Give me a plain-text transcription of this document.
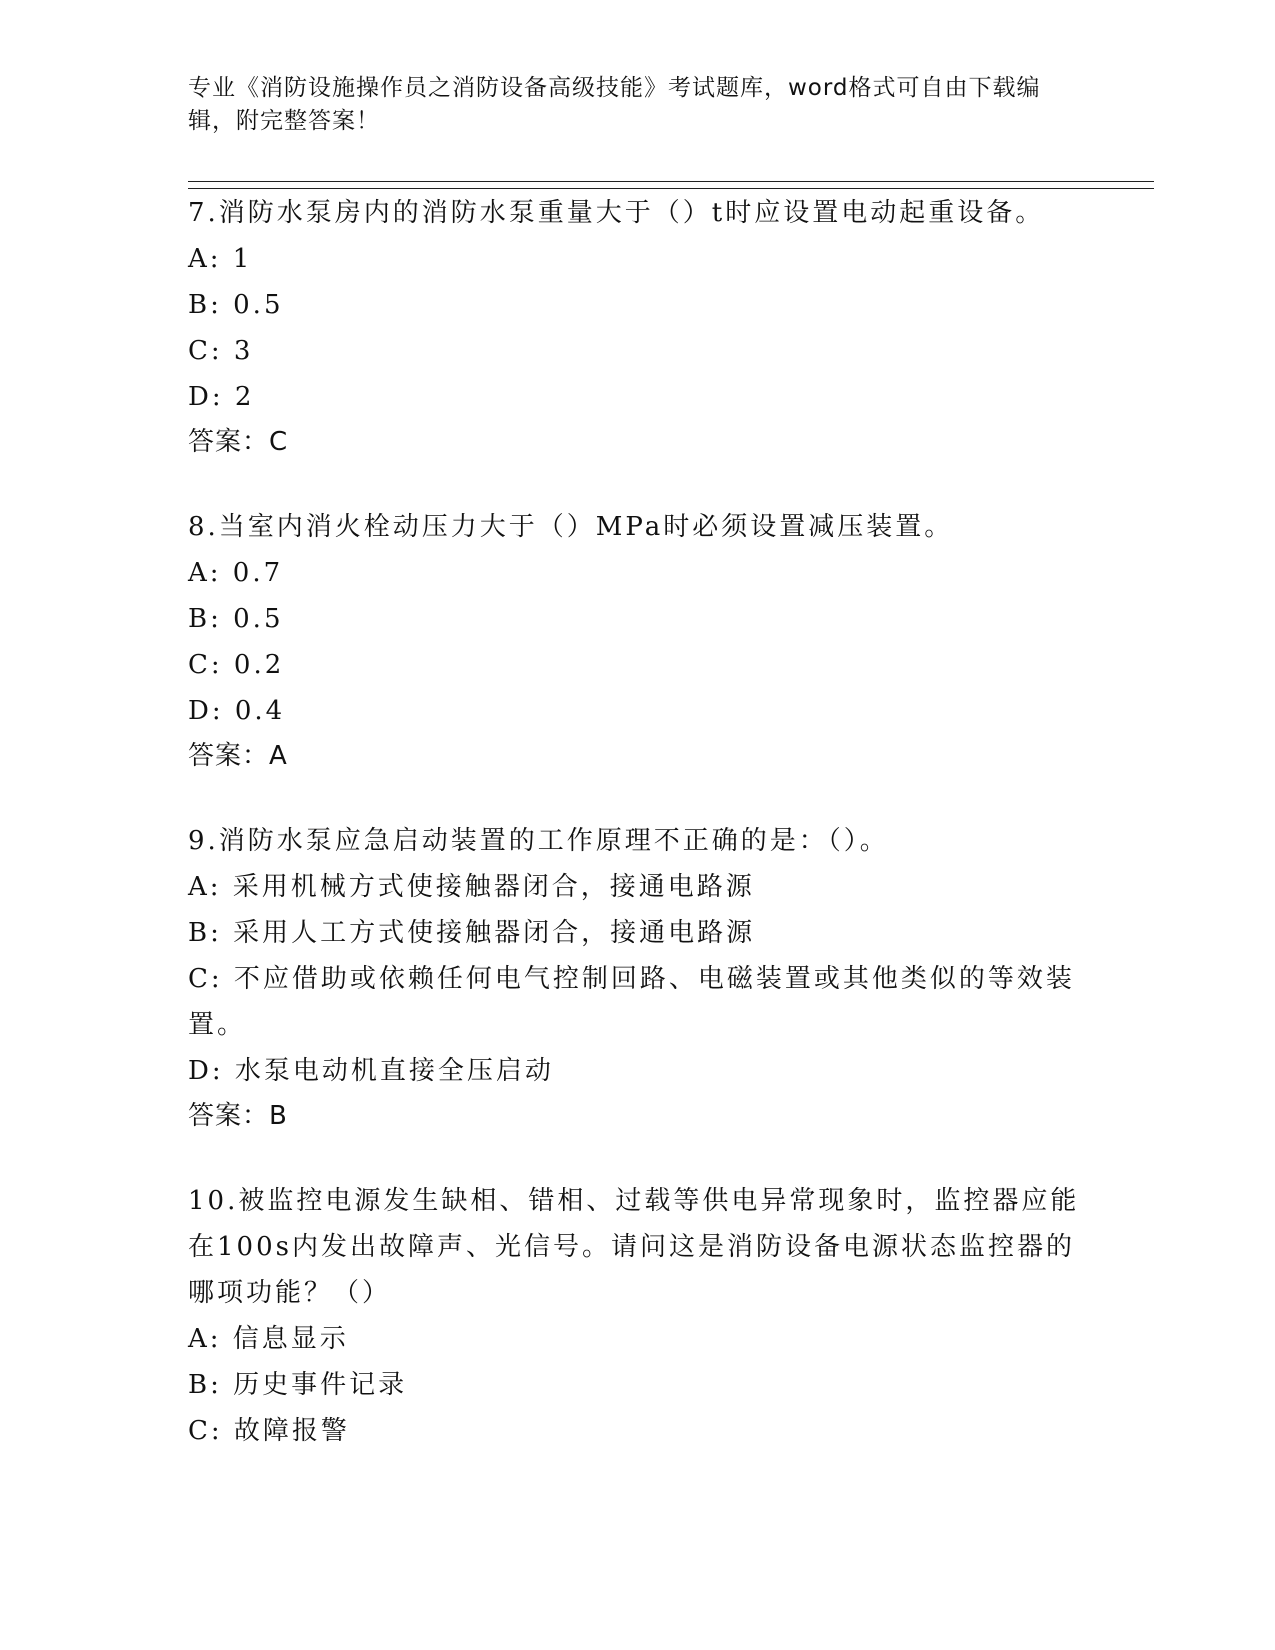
专业《消防设施操作员之消防设备高级技能》考试题库，word格式可自由下载编辑，附完整答案！

7.消防水泵房内的消防水泵重量大于（）t时应设置电动起重设备。

A: 1

B: 0.5

C: 3

D: 2

答案：C

8.当室内消火栓动压力大于（）MPa时必须设置减压装置。

A: 0.7

B: 0.5

C: 0.2

D: 0.4

答案：A

9.消防水泵应急启动装置的工作原理不正确的是：（）。

A: 采用机械方式使接触器闭合，接通电路源

B: 采用人工方式使接触器闭合，接通电路源

C: 不应借助或依赖任何电气控制回路、电磁装置或其他类似的等效装置。

D: 水泵电动机直接全压启动

答案：B

10.被监控电源发生缺相、错相、过载等供电异常现象时，监控器应能在100s内发出故障声、光信号。请问这是消防设备电源状态监控器的哪项功能？（）

A: 信息显示

B: 历史事件记录

C: 故障报警
